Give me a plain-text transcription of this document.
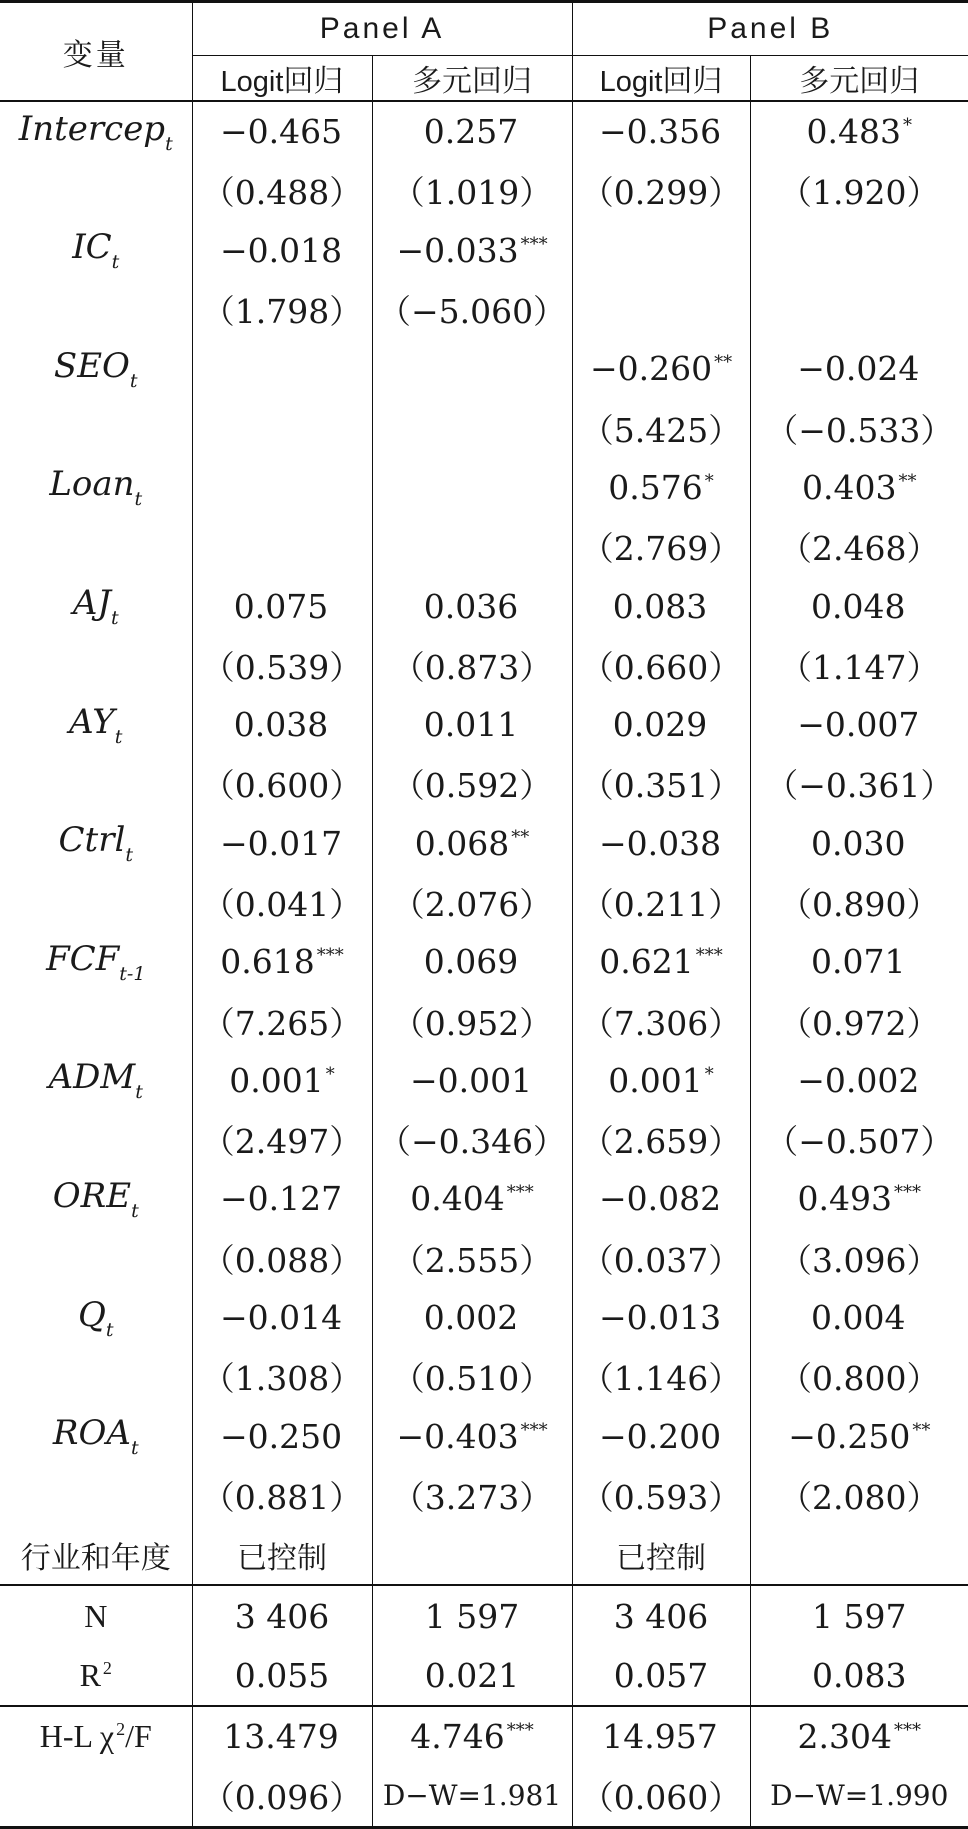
变量	Panel A		Panel B	
	Logit回归	多元回归	Logit回归	多元回归
Intercep$_t$	−0.465	0.257	−0.356	0.483 *
	（0.488）	（1.019）	（0.299）	（1.920）
$IC_t$	−0.018	−0.033 ***		
	（1.798）	（−5.060）		
$SEO_t$			−0.260 **	−0.024
			（5.425）	（−0.533）
Loan$_t$			0.576 *	0.403 **
			（2.769）	（2.468）
$AJ_t$	0.075	0.036	0.083	0.048
	（0.539）	（0.873）	（0.660）	（1.147）
$AY_t$	0.038	0.011	0.029	−0.007
	（0.600）	（0.592）	（0.351）	（−0.361）
Ctrl$_t$	−0.017	0.068 **	−0.038	0.030
	（0.041）	（2.076）	（0.211）	（0.890）
$FCF_{t-1}$	0.618 ***	0.069	0.621 ***	0.071
	（7.265）	（0.952）	（7.306）	（0.972）
$ADM_t$	0.001 *	−0.001	0.001 *	−0.002
	（2.497）	（−0.346）	（2.659）	（−0.507）
$ORE_t$	−0.127	0.404 ***	−0.082	0.493 ***
	（0.088）	（2.555）	（0.037）	（3.096）
$Q_t$	−0.014	0.002	−0.013	0.004
	（1.308）	（0.510）	（1.146）	（0.800）
$ROA_t$	−0.250	−0.403 ***	−0.200	−0.250 **
	（0.881）	（3.273）	（0.593）	（2.080）
行业和年度	已控制		已控制	
N	3 406	1 597	3 406	1 597
R $^2$	0.055	0.021	0.057	0.083
H-L χ $^2$/F	13.479	4.746 ***	14.957	2.304 ***
	（0.096）	D−W=1.981	（0.060）	D−W=1.990
